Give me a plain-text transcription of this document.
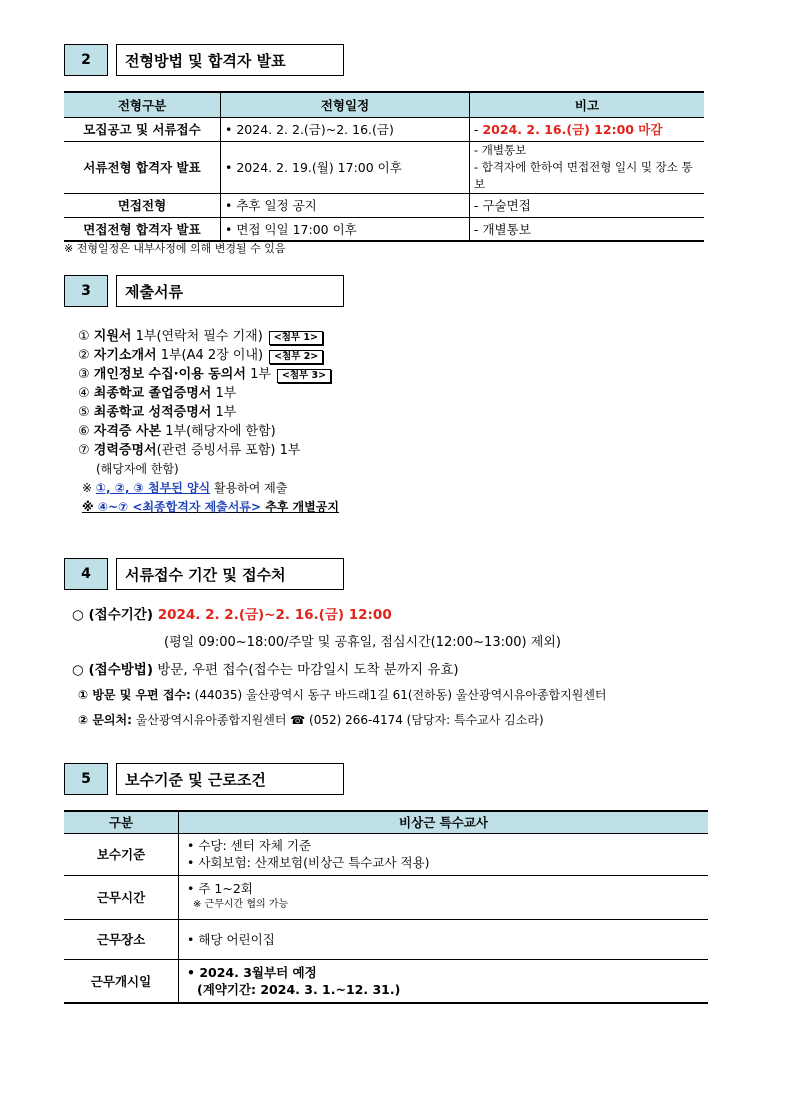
2	전형방법 및 합격자 발표
전형구분	전형일정	비고
모집공고 및 서류접수	• 2024. 2. 2.(금)~2. 16.(금)	- 2024. 2. 16.(금) 12:00 마감
서류전형 합격자 발표	• 2024. 2. 19.(월) 17:00 이후	- 개별통보
- 합격자에 한하여 면접전형 일시 및 장소 통보

면접전형	• 추후 일정 공지	- 구술면접
면접전형 합격자 발표	• 면접 익일 17:00 이후	- 개별통보
※ 전형일정은 내부사정에 의해 변경될 수 있음
3	제출서류
① 지원서 1부(연락처 필수 기재) <첨부 1>
② 자기소개서 1부(A4 2장 이내) <첨부 2>
③ 개인정보 수집·이용 동의서 1부 <첨부 3>
④ 최종학교 졸업증명서 1부
⑤ 최종학교 성적증명서 1부
⑥ 자격증 사본 1부(해당자에 한함)
⑦ 경력증명서(관련 증빙서류 포함) 1부
(해당자에 한함)
※ ①, ②, ③ 첨부된 양식 활용하여 제출
※ ④~⑦ <최종합격자 제출서류> 추후 개별공지
4	서류접수 기간 및 접수처
○ (접수기간) 2024. 2. 2.(금)~2. 16.(금) 12:00
(평일 09:00~18:00/주말 및 공휴일, 점심시간(12:00~13:00) 제외)
○ (접수방법) 방문, 우편 접수(접수는 마감일시 도착 분까지 유효)
① 방문 및 우편 접수: (44035) 울산광역시 동구 바드래1길 61(전하동) 울산광역시유아종합지원센터
② 문의처: 울산광역시유아종합지원센터 ☎ (052) 266-4174 (담당자: 특수교사 김소라)
5	보수기준 및 근로조건
구분	비상근 특수교사
보수기준	• 수당: 센터 자체 기준
• 사회보험: 산재보험(비상근 특수교사 적용)

근무시간	• 주 1~2회
※ 근무시간 협의 가능

근무장소	• 해당 어린이집
근무개시일	• 2024. 3월부터 예정
(계약기간: 2024. 3. 1.~12. 31.)
